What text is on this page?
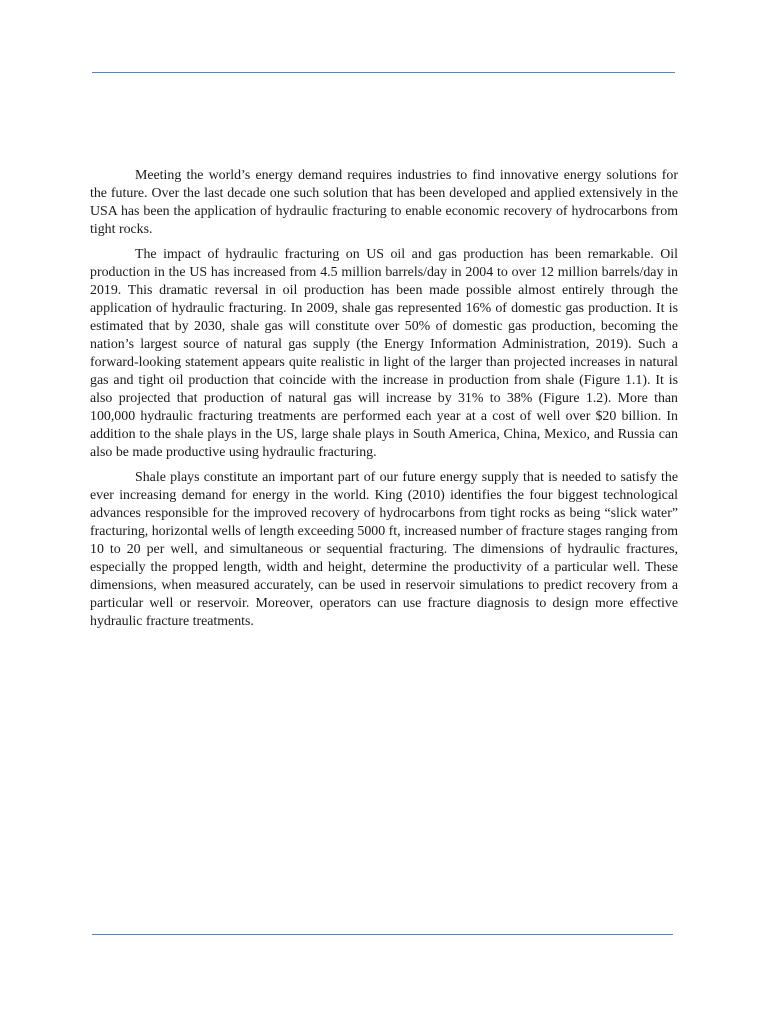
Meeting the world’s energy demand requires industries to find innovative energy solutions for the future. Over the last decade one such solution that has been developed and applied extensively in the USA has been the application of hydraulic fracturing to enable economic recovery of hydrocarbons from tight rocks.

The impact of hydraulic fracturing on US oil and gas production has been remarkable. Oil production in the US has increased from 4.5 million barrels/day in 2004 to over 12 million barrels/day in 2019. This dramatic reversal in oil production has been made possible almost entirely through the application of hydraulic fracturing. In 2009, shale gas represented 16% of domestic gas production. It is estimated that by 2030, shale gas will constitute over 50% of domestic gas production, becoming the nation’s largest source of natural gas supply (the Energy Information Administration, 2019). Such a forward-looking statement appears quite realistic in light of the larger than projected increases in natural gas and tight oil production that coincide with the increase in production from shale (Figure 1.1). It is also projected that production of natural gas will increase by 31% to 38% (Figure 1.2). More than 100,000 hydraulic fracturing treatments are performed each year at a cost of well over $20 billion. In addition to the shale plays in the US, large shale plays in South America, China, Mexico, and Russia can also be made productive using hydraulic fracturing.

Shale plays constitute an important part of our future energy supply that is needed to satisfy the ever increasing demand for energy in the world. King (2010) identifies the four biggest technological advances responsible for the improved recovery of hydrocarbons from tight rocks as being “slick water” fracturing, horizontal wells of length exceeding 5000 ft, increased number of fracture stages ranging from 10 to 20 per well, and simultaneous or sequential fracturing. The dimensions of hydraulic fractures, especially the propped length, width and height, determine the productivity of a particular well. These dimensions, when measured accurately, can be used in reservoir simulations to predict recovery from a particular well or reservoir. Moreover, operators can use fracture diagnosis to design more effective hydraulic fracture treatments.
